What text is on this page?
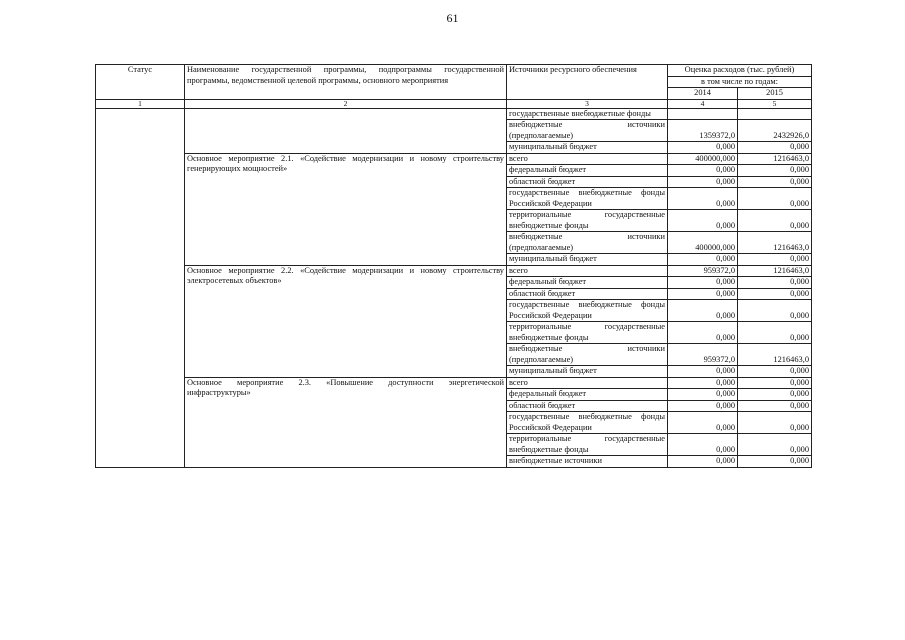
61
Статус	Наименование государственной программы, подпрограммы государственной программы, ведомственной целевой программы, основного мероприятия	Источники ресурсного обеспечения	Оценка расходов (тыс. рублей)	
			в том числе по годам:	
			2014	2015
1	2	3	4	5
		государственные внебюджетные фонды		
		внебюджетные источники (предполагаемые)	1359372,0	2432926,0
		муниципальный бюджет	0,000	0,000
	Основное мероприятие 2.1. «Содействие модернизации и новому строительству генерирующих мощностей»	всего	400000,000	1216463,0
		федеральный бюджет	0,000	0,000
		областной бюджет	0,000	0,000
		государственные внебюджетные фонды Российской Федерации	0,000	0,000
		территориальные государственные внебюджетные фонды	0,000	0,000
		внебюджетные источники (предполагаемые)	400000,000	1216463,0
		муниципальный бюджет	0,000	0,000
	Основное мероприятие 2.2. «Содействие модернизации и новому строительству электросетевых объектов»	всего	959372,0	1216463,0
		федеральный бюджет	0,000	0,000
		областной бюджет	0,000	0,000
		государственные внебюджетные фонды Российской Федерации	0,000	0,000
		территориальные государственные внебюджетные фонды	0,000	0,000
		внебюджетные источники (предполагаемые)	959372,0	1216463,0
		муниципальный бюджет	0,000	0,000
	Основное мероприятие 2.3. «Повышение доступности энергетической инфраструктуры»	всего	0,000	0,000
		федеральный бюджет	0,000	0,000
		областной бюджет	0,000	0,000
		государственные внебюджетные фонды Российской Федерации	0,000	0,000
		территориальные государственные внебюджетные фонды	0,000	0,000
		внебюджетные источники	0,000	0,000
